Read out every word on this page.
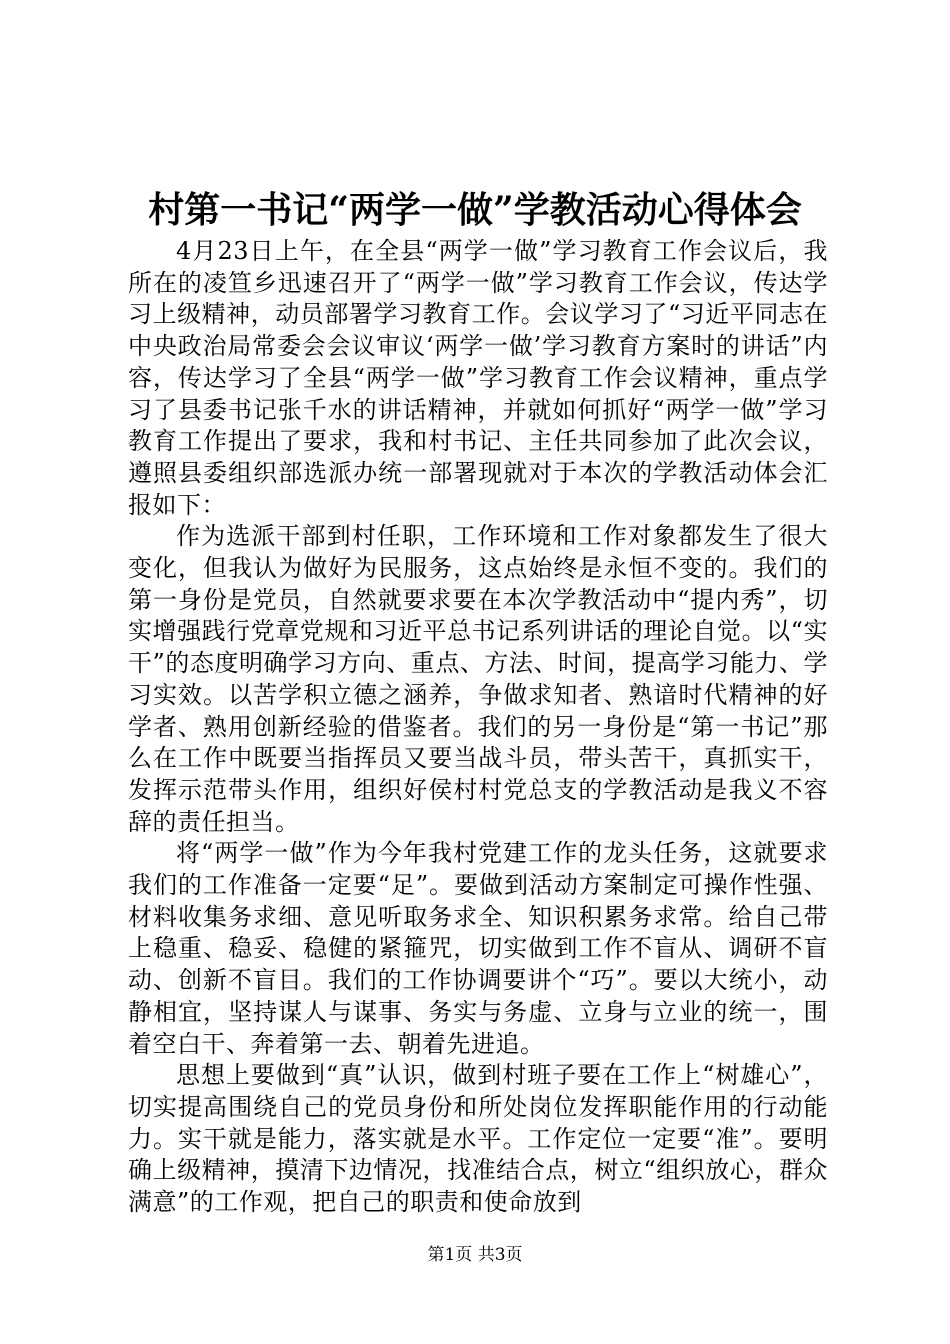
村第一书记“两学一做”学教活动心得体会

4月23日上午，在全县“两学一做”学习教育工作会议后，我所在的凌笪乡迅速召开了“两学一做”学习教育工作会议，传达学习上级精神，动员部署学习教育工作。会议学习了“习近平同志在中央政治局常委会会议审议‘两学一做’学习教育方案时的讲话”内容，传达学习了全县“两学一做”学习教育工作会议精神，重点学习了县委书记张千水的讲话精神，并就如何抓好“两学一做”学习教育工作提出了要求，我和村书记、主任共同参加了此次会议，遵照县委组织部选派办统一部署现就对于本次的学教活动体会汇报如下：

作为选派干部到村任职，工作环境和工作对象都发生了很大变化，但我认为做好为民服务，这点始终是永恒不变的。我们的第一身份是党员，自然就要求要在本次学教活动中“提内秀”，切实增强践行党章党规和习近平总书记系列讲话的理论自觉。以“实干”的态度明确学习方向、重点、方法、时间，提高学习能力、学习实效。以苦学积立德之涵养，争做求知者、熟谙时代精神的好学者、熟用创新经验的借鉴者。我们的另一身份是“第一书记”那么在工作中既要当指挥员又要当战斗员，带头苦干，真抓实干，发挥示范带头作用，组织好侯村村党总支的学教活动是我义不容辞的责任担当。

将“两学一做”作为今年我村党建工作的龙头任务，这就要求我们的工作准备一定要“足”。要做到活动方案制定可操作性强、材料收集务求细、意见听取务求全、知识积累务求常。给自己带上稳重、稳妥、稳健的紧箍咒，切实做到工作不盲从、调研不盲动、创新不盲目。我们的工作协调要讲个“巧”。要以大统小，动静相宜，坚持谋人与谋事、务实与务虚、立身与立业的统一，围着空白干、奔着第一去、朝着先进追。

思想上要做到“真”认识，做到村班子要在工作上“树雄心”，切实提高围绕自己的党员身份和所处岗位发挥职能作用的行动能力。实干就是能力，落实就是水平。工作定位一定要“准”。要明确上级精神，摸清下边情况，找准结合点，树立“组织放心，群众满意”的工作观，把自己的职责和使命放到

第1页 共3页
